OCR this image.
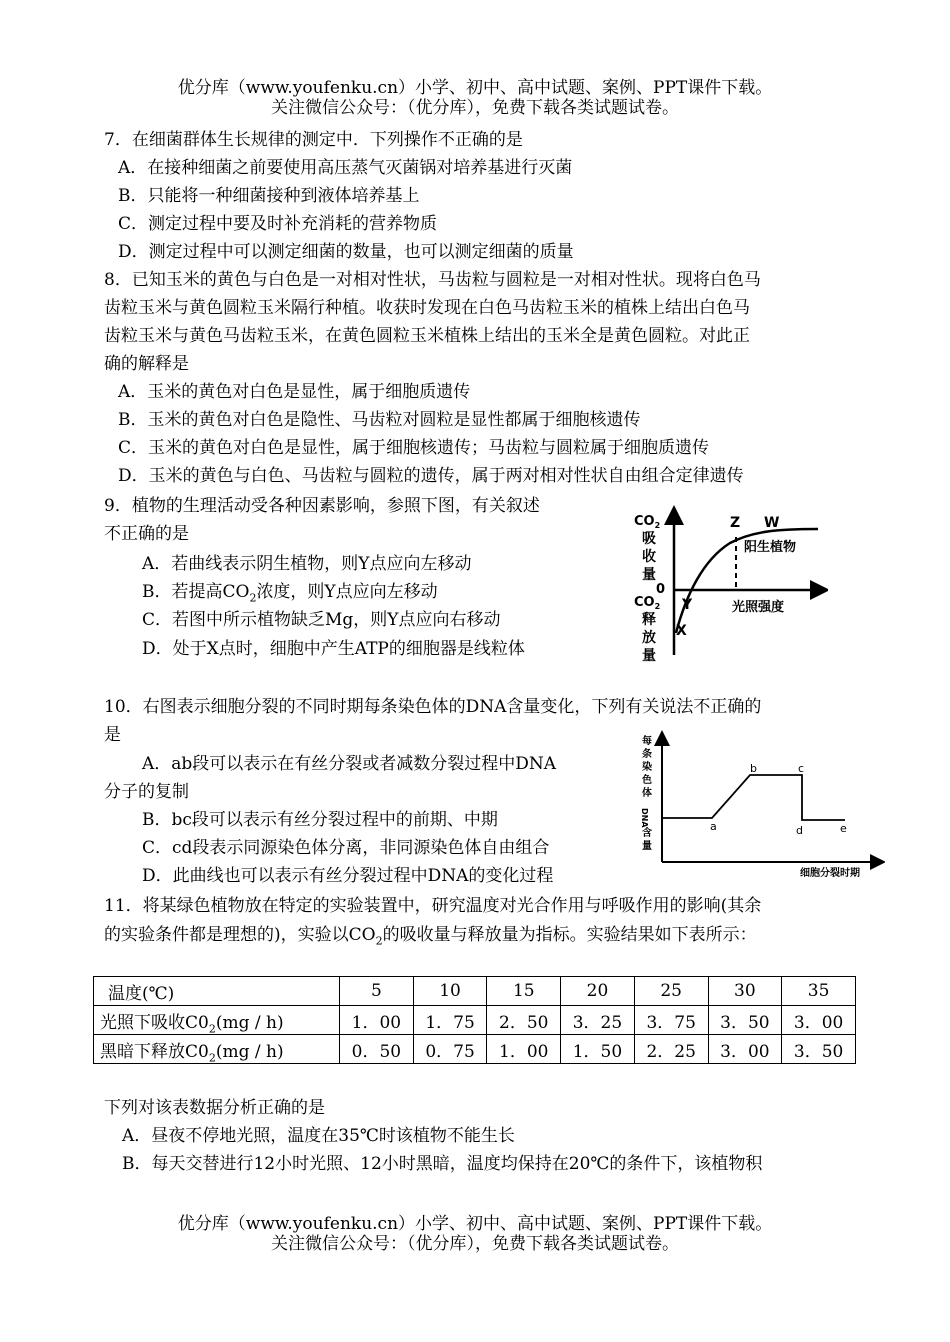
优分库（www.youfenku.cn）小学、初中、高中试题、案例、PPT课件下载。
关注微信公众号：（优分库），免费下载各类试题试卷。
7．在细菌群体生长规律的测定中．下列操作不正确的是
A．在接种细菌之前要使用高压蒸气灭菌锅对培养基进行灭菌
B．只能将一种细菌接种到液体培养基上
C．测定过程中要及时补充消耗的营养物质
D．测定过程中可以测定细菌的数量，也可以测定细菌的质量
8．已知玉米的黄色与白色是一对相对性状，马齿粒与圆粒是一对相对性状。现将白色马
齿粒玉米与黄色圆粒玉米隔行种植。收获时发现在白色马齿粒玉米的植株上结出白色马
齿粒玉米与黄色马齿粒玉米，在黄色圆粒玉米植株上结出的玉米全是黄色圆粒。对此正
确的解释是
A．玉米的黄色对白色是显性，属于细胞质遗传
B．玉米的黄色对白色是隐性、马齿粒对圆粒是显性都属于细胞核遗传
C．玉米的黄色对白色是显性，属于细胞核遗传；马齿粒与圆粒属于细胞质遗传
D．玉米的黄色与白色、马齿粒与圆粒的遗传，属于两对相对性状自由组合定律遗传
9．植物的生理活动受各种因素影响，参照下图，有关叙述
不正确的是
A．若曲线表示阴生植物，则Y点应向左移动
B．若提高$CO_2$浓度，则Y点应向左移动
C．若图中所示植物缺乏Mg，则Y点应向右移动
D．处于X点时，细胞中产生ATP的细胞器是线粒体
$CO_2$
吸
收
量
0
$CO_2$
释
放
量
Z W
阳生植物
Y
X
光照强度
10．右图表示细胞分裂的不同时期每条染色体的DNA含量变化，下列有关说法不正确的
是
A．ab段可以表示在有丝分裂或者减数分裂过程中DNA
分子的复制
B．bc段可以表示有丝分裂过程中的前期、中期
C．cd段表示同源染色体分离，非同源染色体自由组合
D．此曲线也可以表示有丝分裂过程中DNA的变化过程
每
条
染
色
体
DNA
含
量
a
b	c
d	e
细胞分裂时期
11．将某绿色植物放在特定的实验装置中，研究温度对光合作用与呼吸作用的影响(其余
的实验条件都是理想的)，实验以$CO_2$的吸收量与释放量为指标。实验结果如下表所示：
温度(℃)	5	10	15	20	25	30	35
光照下吸收$C0_2(mg / h)$	1．00	1．75	2．50	3．25	3．75	3．50	3．00
黑暗下释放$C0_2(mg / h)$	0．50	0．75	1．00	1．50	2．25	3．00	3．50
下列对该表数据分析正确的是
A．昼夜不停地光照，温度在35℃时该植物不能生长
B．每天交替进行12小时光照、12小时黑暗，温度均保持在20℃的条件下，该植物积
优分库（www.youfenku.cn）小学、初中、高中试题、案例、PPT课件下载。
关注微信公众号：（优分库），免费下载各类试题试卷。
